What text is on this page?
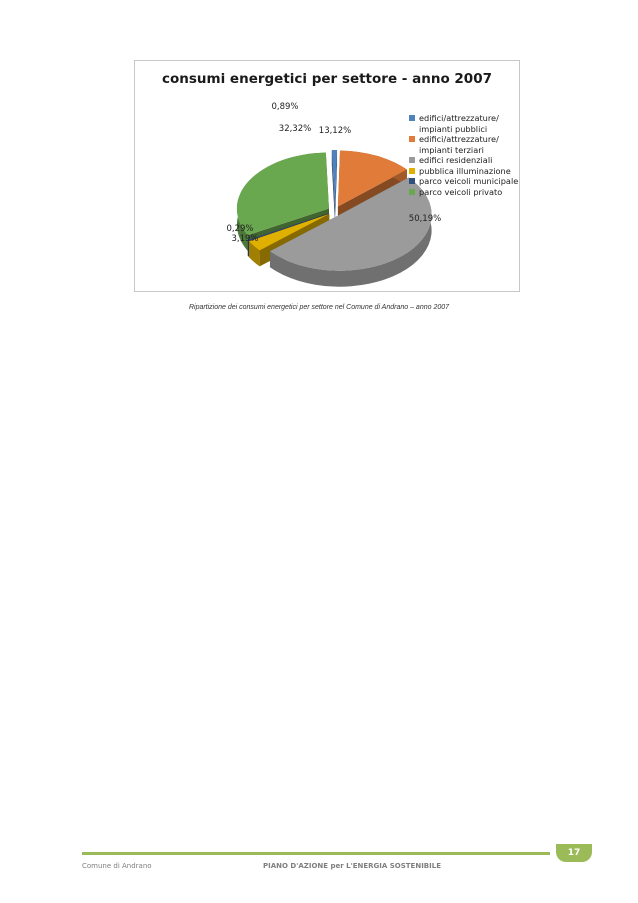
consumi energetici per settore - anno 2007
0,89%
13,12%
50,19%
3,19%
0,29%
32,32%
edifici/attrezzature/ impianti pubblici
edifici/attrezzature/ impianti terziari
edifici residenziali
pubblica illuminazione
parco veicoli municipale
parco veicoli privato
Ripartizione dei consumi energetici per settore nel Comune di Andrano – anno 2007
17
Comune di Andrano	PIANO D'AZIONE per L'ENERGIA SOSTENIBILE
